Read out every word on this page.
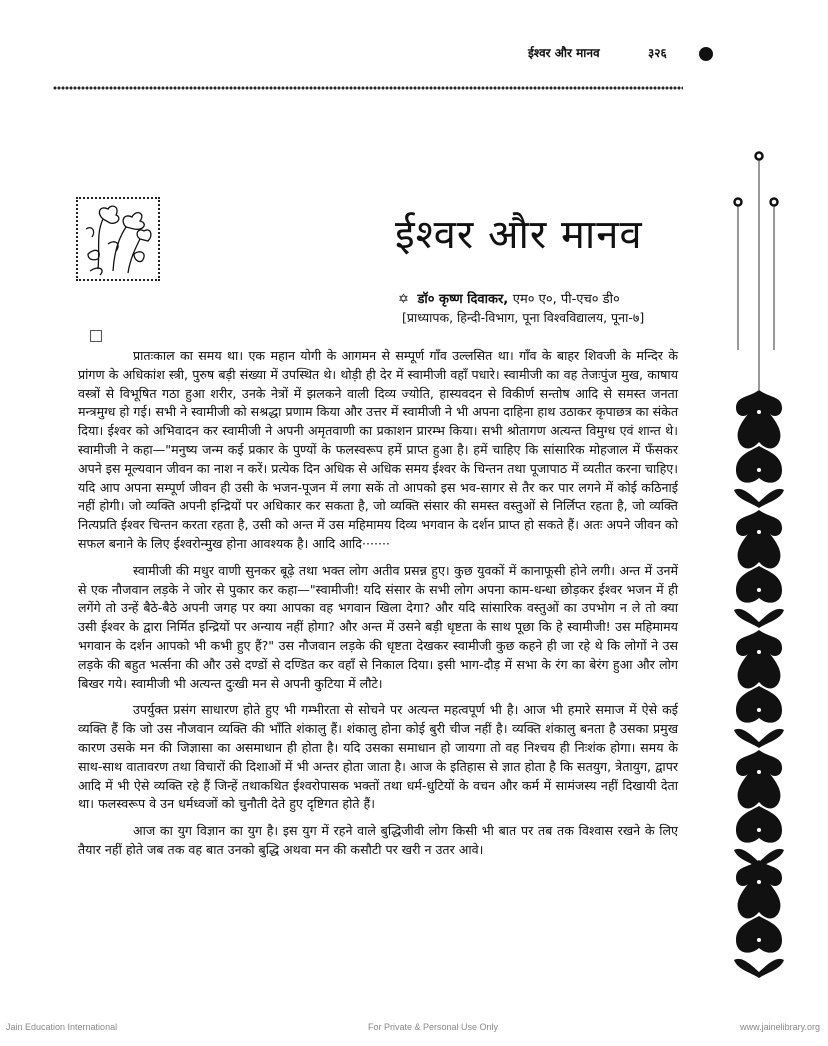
ईश्वर और मानव	३२६
ईश्वर और मानव
✡ डॉ० कृष्ण दिवाकर, एम० ए०, पी-एच० डी०
[प्राध्यापक, हिन्दी-विभाग, पूना विश्वविद्यालय, पूना-७]

प्रातःकाल का समय था। एक महान योगी के आगमन से सम्पूर्ण गाँव उल्लसित था। गाँव के बाहर शिवजी के मन्दिर के प्रांगण के अधिकांश स्त्री, पुरुष बड़ी संख्या में उपस्थित थे। थोड़ी ही देर में स्वामीजी वहाँ पधारे। स्वामीजी का वह तेजःपुंज मुख, काषाय वस्त्रों से विभूषित गठा हुआ शरीर, उनके नेत्रों में झलकने वाली दिव्य ज्योति, हास्यवदन से विकीर्ण सन्तोष आदि से समस्त जनता मन्त्रमुग्ध हो गई। सभी ने स्वामीजी को सश्रद्धा प्रणाम किया और उत्तर में स्वामीजी ने भी अपना दाहिना हाथ उठाकर कृपाछत्र का संकेत दिया। ईश्वर को अभिवादन कर स्वामीजी ने अपनी अमृतवाणी का प्रकाशन प्रारम्भ किया। सभी श्रोतागण अत्यन्त विमुग्ध एवं शान्त थे। स्वामीजी ने कहा—"मनुष्य जन्म कई प्रकार के पुण्यों के फलस्वरूप हमें प्राप्त हुआ है। हमें चाहिए कि सांसारिक मोहजाल में फँसकर अपने इस मूल्यवान जीवन का नाश न करें। प्रत्येक दिन अधिक से अधिक समय ईश्वर के चिन्तन तथा पूजापाठ में व्यतीत करना चाहिए। यदि आप अपना सम्पूर्ण जीवन ही उसी के भजन-पूजन में लगा सकें तो आपको इस भव-सागर से तैर कर पार लगने में कोई कठिनाई नहीं होगी। जो व्यक्ति अपनी इन्द्रियों पर अधिकार कर सकता है, जो व्यक्ति संसार की समस्त वस्तुओं से निर्लिप्त रहता है, जो व्यक्ति नित्यप्रति ईश्वर चिन्तन करता रहता है, उसी को अन्त में उस महिमामय दिव्य भगवान के दर्शन प्राप्त हो सकते हैं। अतः अपने जीवन को सफल बनाने के लिए ईश्वरोन्मुख होना आवश्यक है। आदि आदि·······

स्वामीजी की मधुर वाणी सुनकर बूढ़े तथा भक्त लोग अतीव प्रसन्न हुए। कुछ युवकों में कानाफूसी होने लगी। अन्त में उनमें से एक नौजवान लड़के ने जोर से पुकार कर कहा—"स्वामीजी! यदि संसार के सभी लोग अपना काम-धन्धा छोड़कर ईश्वर भजन में ही लगेंगे तो उन्हें बैठे-बैठे अपनी जगह पर क्या आपका वह भगवान खिला देगा? और यदि सांसारिक वस्तुओं का उपभोग न ले तो क्या उसी ईश्वर के द्वारा निर्मित इन्द्रियों पर अन्याय नहीं होगा? और अन्त में उसने बड़ी धृष्टता के साथ पूछा कि हे स्वामीजी! उस महिमामय भगवान के दर्शन आपको भी कभी हुए हैं?" उस नौजवान लड़के की धृष्टता देखकर स्वामीजी कुछ कहने ही जा रहे थे कि लोगों ने उस लड़के की बहुत भर्त्सना की और उसे दण्डों से दण्डित कर वहाँ से निकाल दिया। इसी भाग-दौड़ में सभा के रंग का बेरंग हुआ और लोग बिखर गये। स्वामीजी भी अत्यन्त दुःखी मन से अपनी कुटिया में लौटे।

उपर्युक्त प्रसंग साधारण होते हुए भी गम्भीरता से सोचने पर अत्यन्त महत्वपूर्ण भी है। आज भी हमारे समाज में ऐसे कई व्यक्ति हैं कि जो उस नौजवान व्यक्ति की भाँति शंकालु हैं। शंकालु होना कोई बुरी चीज नहीं है। व्यक्ति शंकालु बनता है उसका प्रमुख कारण उसके मन की जिज्ञासा का असमाधान ही होता है। यदि उसका समाधान हो जायगा तो वह निश्चय ही निःशंक होगा। समय के साथ-साथ वातावरण तथा विचारों की दिशाओं में भी अन्तर होता जाता है। आज के इतिहास से ज्ञात होता है कि सतयुग, त्रेतायुग, द्वापर आदि में भी ऐसे व्यक्ति रहे हैं जिन्हें तथाकथित ईश्वरोपासक भक्तों तथा धर्म-धुटियों के वचन और कर्म में सामंजस्य नहीं दिखायी देता था। फलस्वरूप वे उन धर्मध्वजों को चुनौती देते हुए दृष्टिगत होते हैं।

आज का युग विज्ञान का युग है। इस युग में रहने वाले बुद्धिजीवी लोग किसी भी बात पर तब तक विश्वास रखने के लिए तैयार नहीं होते जब तक वह बात उनको बुद्धि अथवा मन की कसौटी पर खरी न उतर आवे।

Jain Education International	For Private & Personal Use Only	www.jainelibrary.org
